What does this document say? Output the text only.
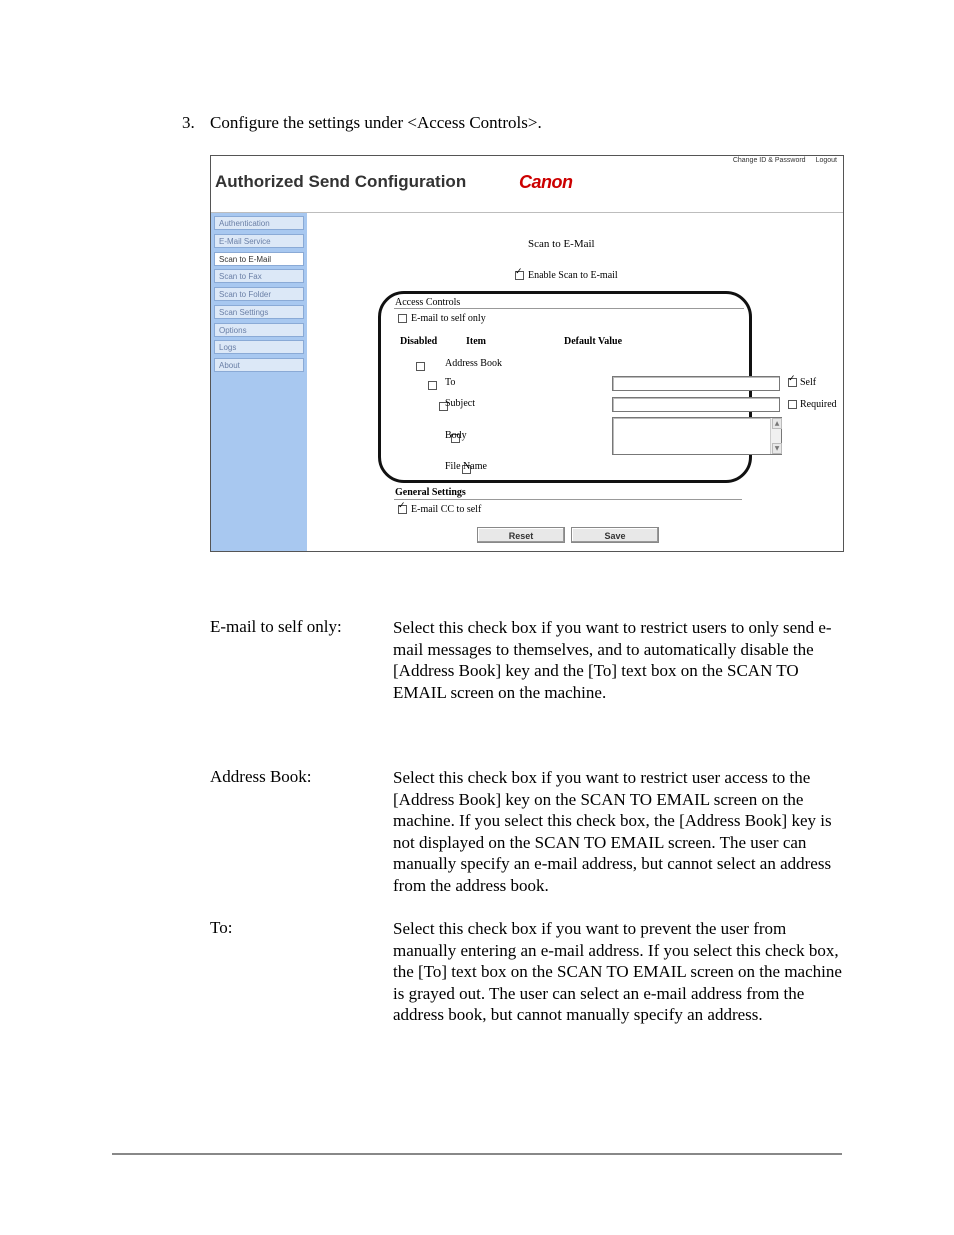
3. Configure the settings under <Access Controls>.
Authorized Send Configuration	Canon
Change ID & Password Logout
Authentication
E-Mail Service
Scan to E-Mail
Scan to Fax
Scan to Folder
Scan Settings
Options
Logs
About
Scan to E-Mail
✓Enable Scan to E-mail
Access Controls
E-mail to self only
Disabled	Item	Default Value

Address Book

To
✓	Self

Subject	Required

Body
▲
▼
File Name
General Settings
✓E-mail CC to self
Reset	Save
E-mail to self only:	Select this check box if you want to restrict users to only send e-mail messages to themselves, and to automatically disable the [Address Book] key and the [To] text box on the SCAN TO EMAIL screen on the machine.
Address Book:	Select this check box if you want to restrict user access to the [Address Book] key on the SCAN TO EMAIL screen on the machine. If you select this check box, the [Address Book] key is not displayed on the SCAN TO EMAIL screen. The user can manually specify an e-mail address, but cannot select an address from the address book.
To:	Select this check box if you want to prevent the user from manually entering an e-mail address. If you select this check box, the [To] text box on the SCAN TO EMAIL screen on the machine is grayed out. The user can select an e-mail address from the address book, but cannot manually specify an address.
